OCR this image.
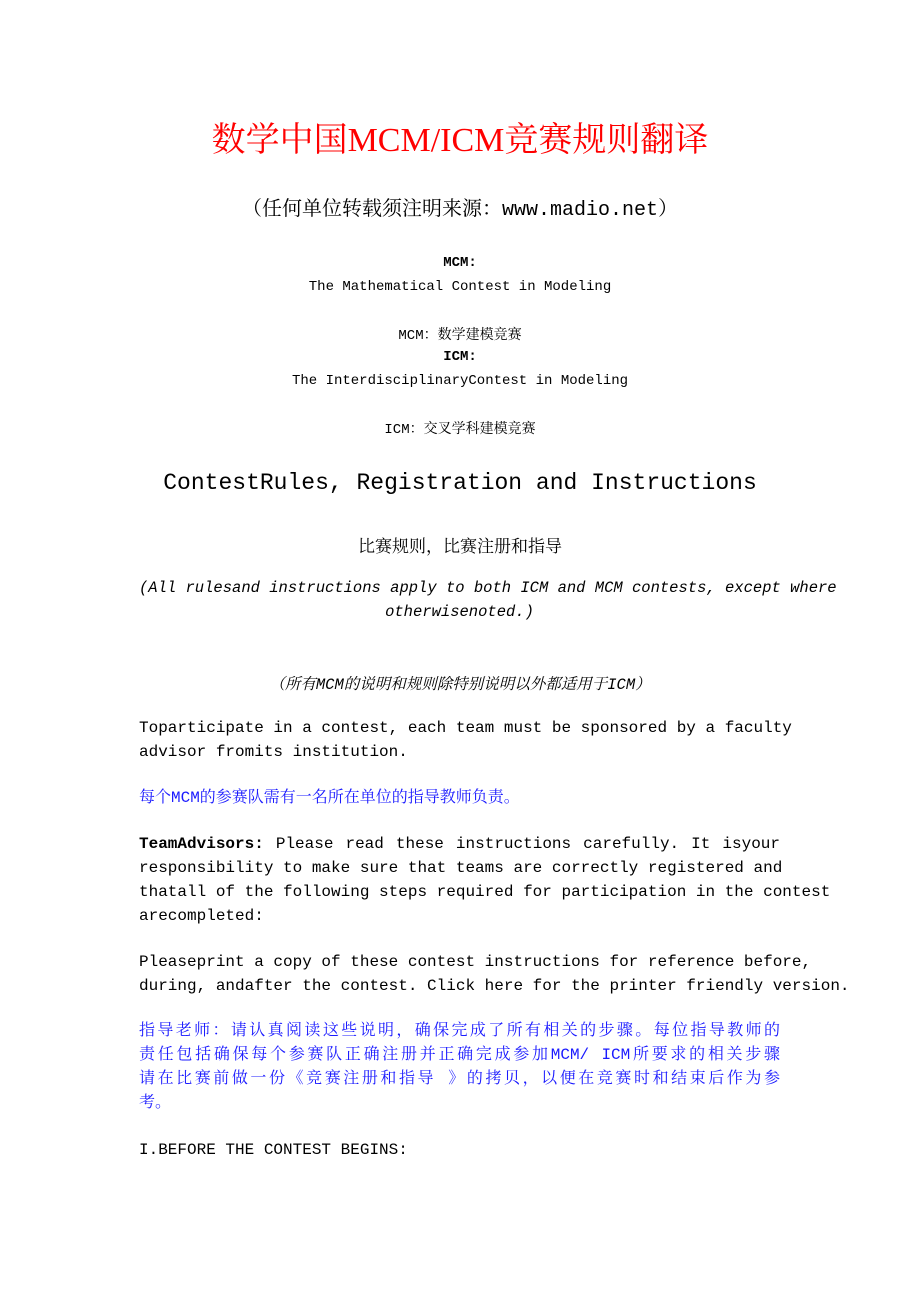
数学中国MCM/ICM竞赛规则翻译
（任何单位转载须注明来源：www.madio.net）
MCM:
The Mathematical Contest in Modeling
MCM：数学建模竞赛
ICM:
The InterdisciplinaryContest in Modeling
ICM：交叉学科建模竞赛
ContestRules, Registration and Instructions
比赛规则，比赛注册和指导
(All rulesand instructions apply to both ICM and MCM contests, except where
otherwisenoted.)
（所有MCM的说明和规则除特别说明以外都适用于ICM）
Toparticipate in a contest, each team must be sponsored by a faculty
advisor fromits institution.
每个MCM的参赛队需有一名所在单位的指导教师负责。
TeamAdvisors: Please read these instructions carefully. It isyour
responsibility to make sure that teams are correctly registered and
thatall of the following steps required for participation in the contest
arecompleted:
Pleaseprint a copy of these contest instructions for reference before,
during, andafter the contest. Click here for the printer friendly version.
指导老师：请认真阅读这些说明，确保完成了所有相关的步骤。每位指导教师的
责任包括确保每个参赛队正确注册并正确完成参加MCM/ ICM所要求的相关步骤
请在比赛前做一份《竞赛注册和指导 》的拷贝，以便在竞赛时和结束后作为参
考。
I.BEFORE THE CONTEST BEGINS:
